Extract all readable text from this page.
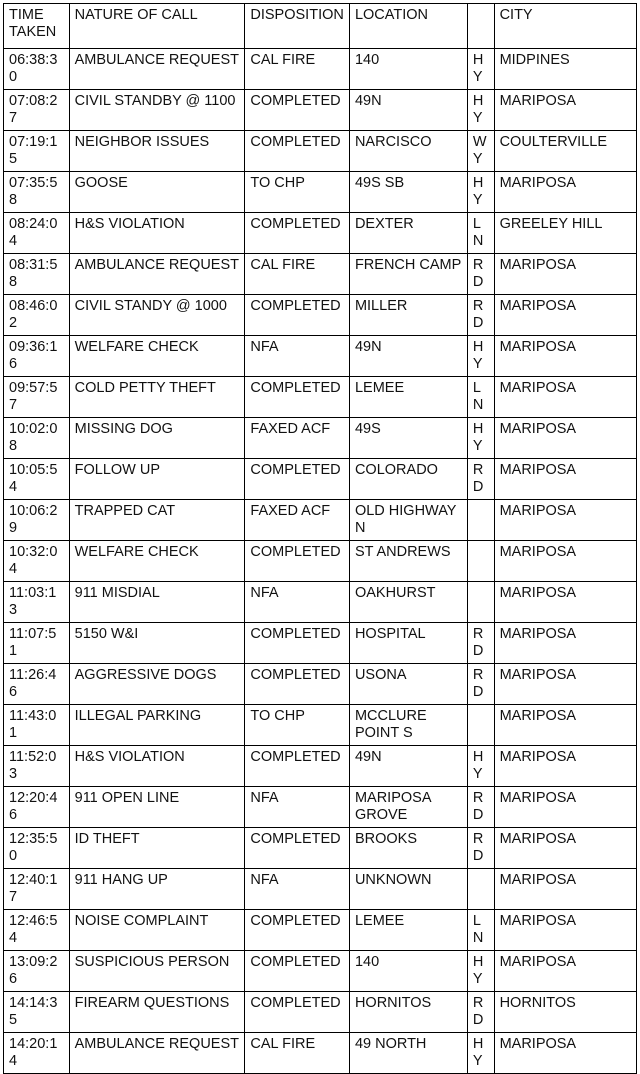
TIME TAKEN	NATURE OF CALL	DISPOSITION	LOCATION		CITY
06:38:30	AMBULANCE REQUEST	CAL FIRE	140	HY	MIDPINES
07:08:27	CIVIL STANDBY @ 1100	COMPLETED	49N	HY	MARIPOSA
07:19:15	NEIGHBOR ISSUES	COMPLETED	NARCISCO	WY	COULTERVILLE
07:35:58	GOOSE	TO CHP	49S SB	HY	MARIPOSA
08:24:04	H&S VIOLATION	COMPLETED	DEXTER	LN	GREELEY HILL
08:31:58	AMBULANCE REQUEST	CAL FIRE	FRENCH CAMP	RD	MARIPOSA
08:46:02	CIVIL STANDY @ 1000	COMPLETED	MILLER	RD	MARIPOSA
09:36:16	WELFARE CHECK	NFA	49N	HY	MARIPOSA
09:57:57	COLD PETTY THEFT	COMPLETED	LEMEE	LN	MARIPOSA
10:02:08	MISSING DOG	FAXED ACF	49S	HY	MARIPOSA
10:05:54	FOLLOW UP	COMPLETED	COLORADO	RD	MARIPOSA
10:06:29	TRAPPED CAT	FAXED ACF	OLD HIGHWAY N		MARIPOSA
10:32:04	WELFARE CHECK	COMPLETED	ST ANDREWS		MARIPOSA
11:03:13	911 MISDIAL	NFA	OAKHURST		MARIPOSA
11:07:51	5150 W&I	COMPLETED	HOSPITAL	RD	MARIPOSA
11:26:46	AGGRESSIVE DOGS	COMPLETED	USONA	RD	MARIPOSA
11:43:01	ILLEGAL PARKING	TO CHP	MCCLURE POINT S		MARIPOSA
11:52:03	H&S VIOLATION	COMPLETED	49N	HY	MARIPOSA
12:20:46	911 OPEN LINE	NFA	MARIPOSA GROVE	RD	MARIPOSA
12:35:50	ID THEFT	COMPLETED	BROOKS	RD	MARIPOSA
12:40:17	911 HANG UP	NFA	UNKNOWN		MARIPOSA
12:46:54	NOISE COMPLAINT	COMPLETED	LEMEE	LN	MARIPOSA
13:09:26	SUSPICIOUS PERSON	COMPLETED	140	HY	MARIPOSA
14:14:35	FIREARM QUESTIONS	COMPLETED	HORNITOS	RD	HORNITOS
14:20:14	AMBULANCE REQUEST	CAL FIRE	49 NORTH	HY	MARIPOSA
